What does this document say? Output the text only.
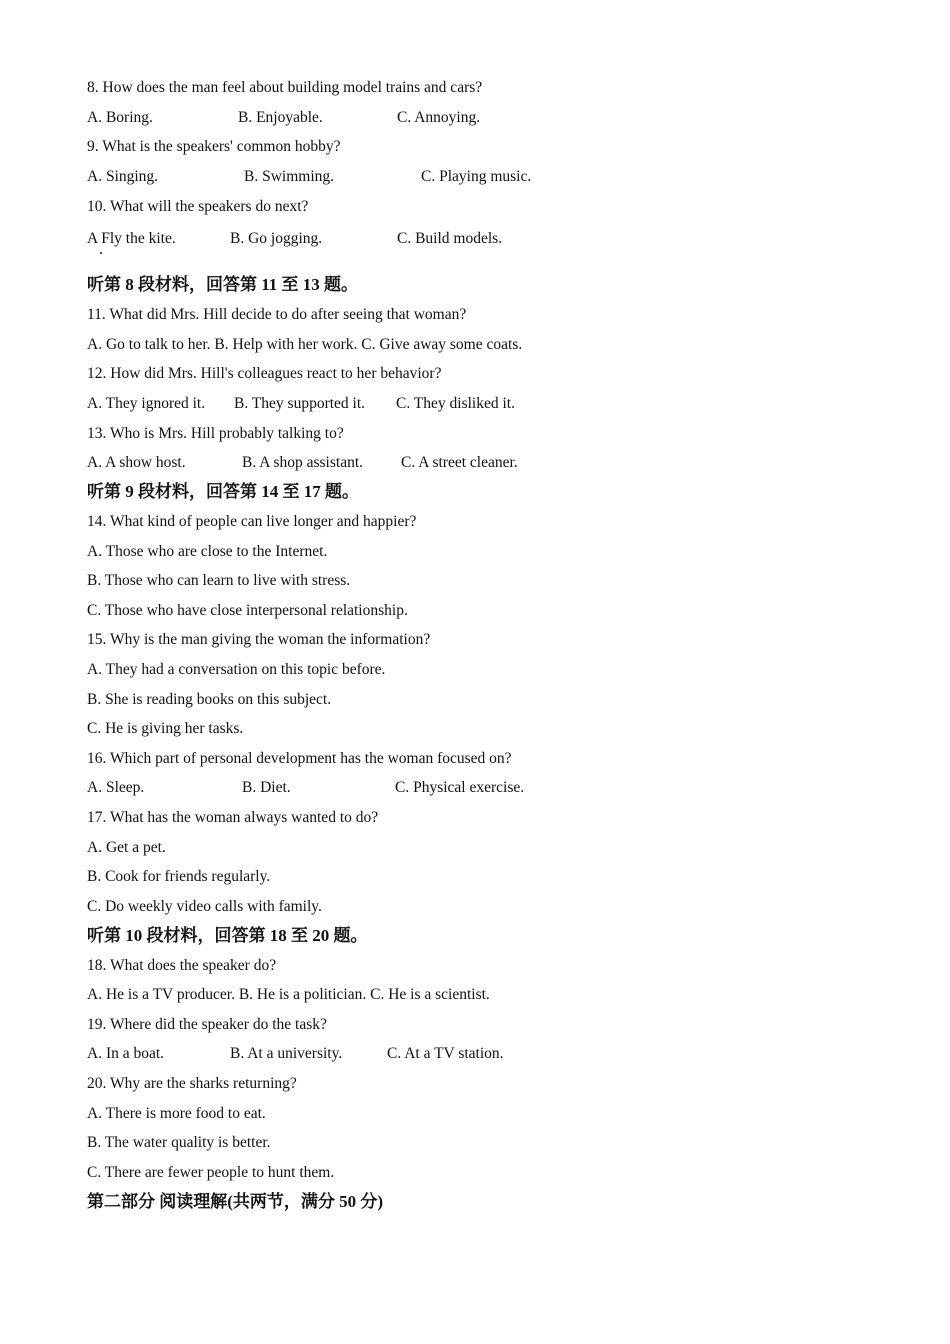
8. How does the man feel about building model trains and cars?
A. Boring.	B. Enjoyable.	C. Annoying.
9. What is the speakers' common hobby?
A. Singing.	B. Swimming.	C. Playing music.
10. What will the speakers do next?
A Fly the kite.	B. Go jogging.	C. Build models.
听第 8 段材料，回答第 11 至 13 题。
11. What did Mrs. Hill decide to do after seeing that woman?
A. Go to talk to her. B. Help with her work. C. Give away some coats.
12. How did Mrs. Hill's colleagues react to her behavior?
A. They ignored it. B. They supported it. C. They disliked it.
13. Who is Mrs. Hill probably talking to?
A. A show host.	B. A shop assistant. C. A street cleaner.
听第 9 段材料，回答第 14 至 17 题。
14. What kind of people can live longer and happier?
A. Those who are close to the Internet.
B. Those who can learn to live with stress.
C. Those who have close interpersonal relationship.
15. Why is the man giving the woman the information?
A. They had a conversation on this topic before.
B. She is reading books on this subject.
C. He is giving her tasks.
16. Which part of personal development has the woman focused on?
A. Sleep.	B. Diet.	C. Physical exercise.
17. What has the woman always wanted to do?
A. Get a pet.
B. Cook for friends regularly.
C. Do weekly video calls with family.
听第 10 段材料，回答第 18 至 20 题。
18. What does the speaker do?
A. He is a TV producer. B. He is a politician. C. He is a scientist.
19. Where did the speaker do the task?
A. In a boat.	B. At a university.	C. At a TV station.
20. Why are the sharks returning?
A. There is more food to eat.
B. The water quality is better.
C. There are fewer people to hunt them.
第二部分 阅读理解(共两节，满分 50 分)
